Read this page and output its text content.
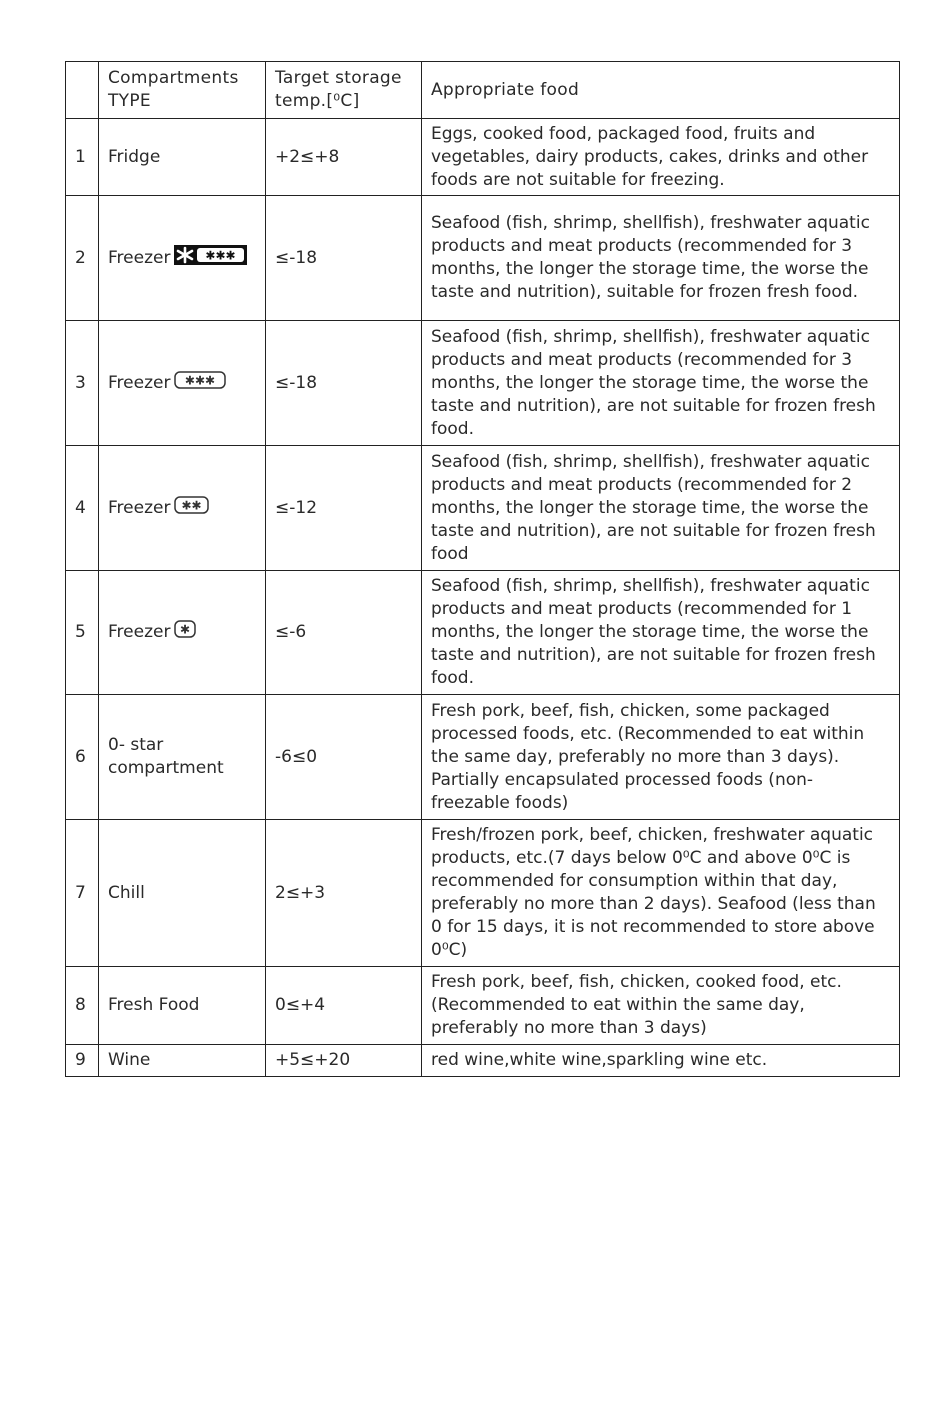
	Compartments TYPE	Target storage temp.[⁰C]	Appropriate food
1	Fridge	+2≤+8	Eggs, cooked food, packaged food, fruits and vegetables, dairy products, cakes, drinks and other foods are not suitable for freezing.
2	Freezer ✱✱✱	≤-18	Seafood (fish, shrimp, shellfish), freshwater aquatic products and meat products (recommended for 3 months, the longer the storage time, the worse the taste and nutrition), suitable for frozen fresh food.
3	Freezer ✱✱✱	≤-18	Seafood (fish, shrimp, shellfish), freshwater aquatic products and meat products (recommended for 3 months, the longer the storage time, the worse the taste and nutrition), are not suitable for frozen fresh food.
4	Freezer ✱✱	≤-12	Seafood (fish, shrimp, shellfish), freshwater aquatic products and meat products (recommended for 2 months, the longer the storage time, the worse the taste and nutrition), are not suitable for frozen fresh food
5	Freezer ✱	≤-6	Seafood (fish, shrimp, shellfish), freshwater aquatic products and meat products (recommended for 1 months, the longer the storage time, the worse the taste and nutrition), are not suitable for frozen fresh food.
6	0- star compartment	-6≤0	Fresh pork, beef, fish, chicken, some packaged processed foods, etc. (Recommended to eat within the same day, preferably no more than 3 days). Partially encapsulated processed foods (non-freezable foods)
7	Chill	2≤+3	Fresh/frozen pork, beef, chicken, freshwater aquatic products, etc.(7 days below 0⁰C and above 0⁰C is recommended for consumption within that day, preferably no more than 2 days). Seafood (less than 0 for 15 days, it is not recommended to store above 0⁰C)
8	Fresh Food	0≤+4	Fresh pork, beef, fish, chicken, cooked food, etc. (Recommended to eat within the same day, preferably no more than 3 days)
9	Wine	+5≤+20	red wine,white wine,sparkling wine etc.
